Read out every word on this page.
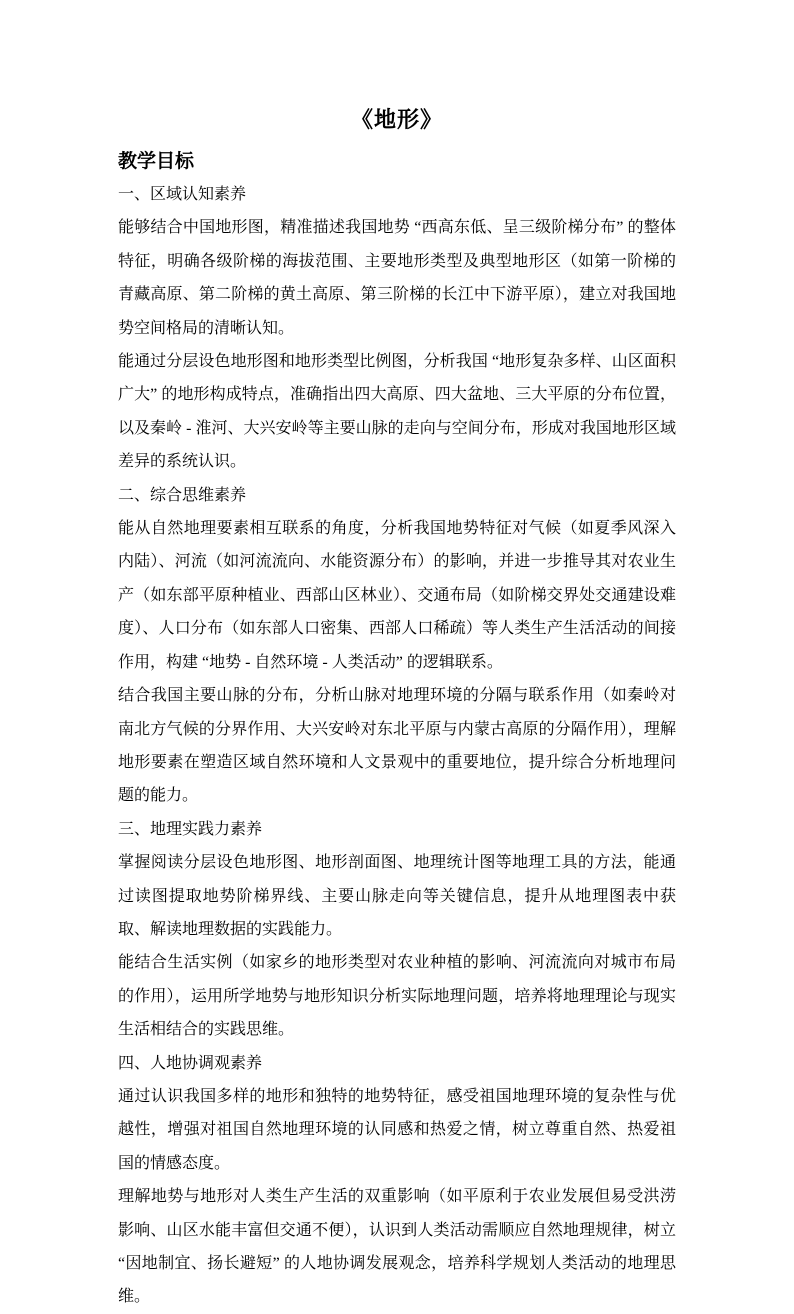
《地形》
教学目标

一、区域认知素养

能够结合中国地形图，精准描述我国地势 “西高东低、呈三级阶梯分布” 的整体特征，明确各级阶梯的海拔范围、主要地形类型及典型地形区（如第一阶梯的青藏高原、第二阶梯的黄土高原、第三阶梯的长江中下游平原），建立对我国地势空间格局的清晰认知。

能通过分层设色地形图和地形类型比例图，分析我国 “地形复杂多样、山区面积广大” 的地形构成特点，准确指出四大高原、四大盆地、三大平原的分布位置，以及秦岭 - 淮河、大兴安岭等主要山脉的走向与空间分布，形成对我国地形区域差异的系统认识。

二、综合思维素养

能从自然地理要素相互联系的角度，分析我国地势特征对气候（如夏季风深入内陆）、河流（如河流流向、水能资源分布）的影响，并进一步推导其对农业生产（如东部平原种植业、西部山区林业）、交通布局（如阶梯交界处交通建设难度）、人口分布（如东部人口密集、西部人口稀疏）等人类生产生活活动的间接作用，构建 “地势 - 自然环境 - 人类活动” 的逻辑联系。

结合我国主要山脉的分布，分析山脉对地理环境的分隔与联系作用（如秦岭对南北方气候的分界作用、大兴安岭对东北平原与内蒙古高原的分隔作用），理解地形要素在塑造区域自然环境和人文景观中的重要地位，提升综合分析地理问题的能力。

三、地理实践力素养

掌握阅读分层设色地形图、地形剖面图、地理统计图等地理工具的方法，能通过读图提取地势阶梯界线、主要山脉走向等关键信息，提升从地理图表中获取、解读地理数据的实践能力。

能结合生活实例（如家乡的地形类型对农业种植的影响、河流流向对城市布局的作用），运用所学地势与地形知识分析实际地理问题，培养将地理理论与现实生活相结合的实践思维。

四、人地协调观素养

通过认识我国多样的地形和独特的地势特征，感受祖国地理环境的复杂性与优越性，增强对祖国自然地理环境的认同感和热爱之情，树立尊重自然、热爱祖国的情感态度。

理解地势与地形对人类生产生活的双重影响（如平原利于农业发展但易受洪涝影响、山区水能丰富但交通不便），认识到人类活动需顺应自然地理规律，树立 “因地制宜、扬长避短” 的人地协调发展观念，培养科学规划人类活动的地理思维。
